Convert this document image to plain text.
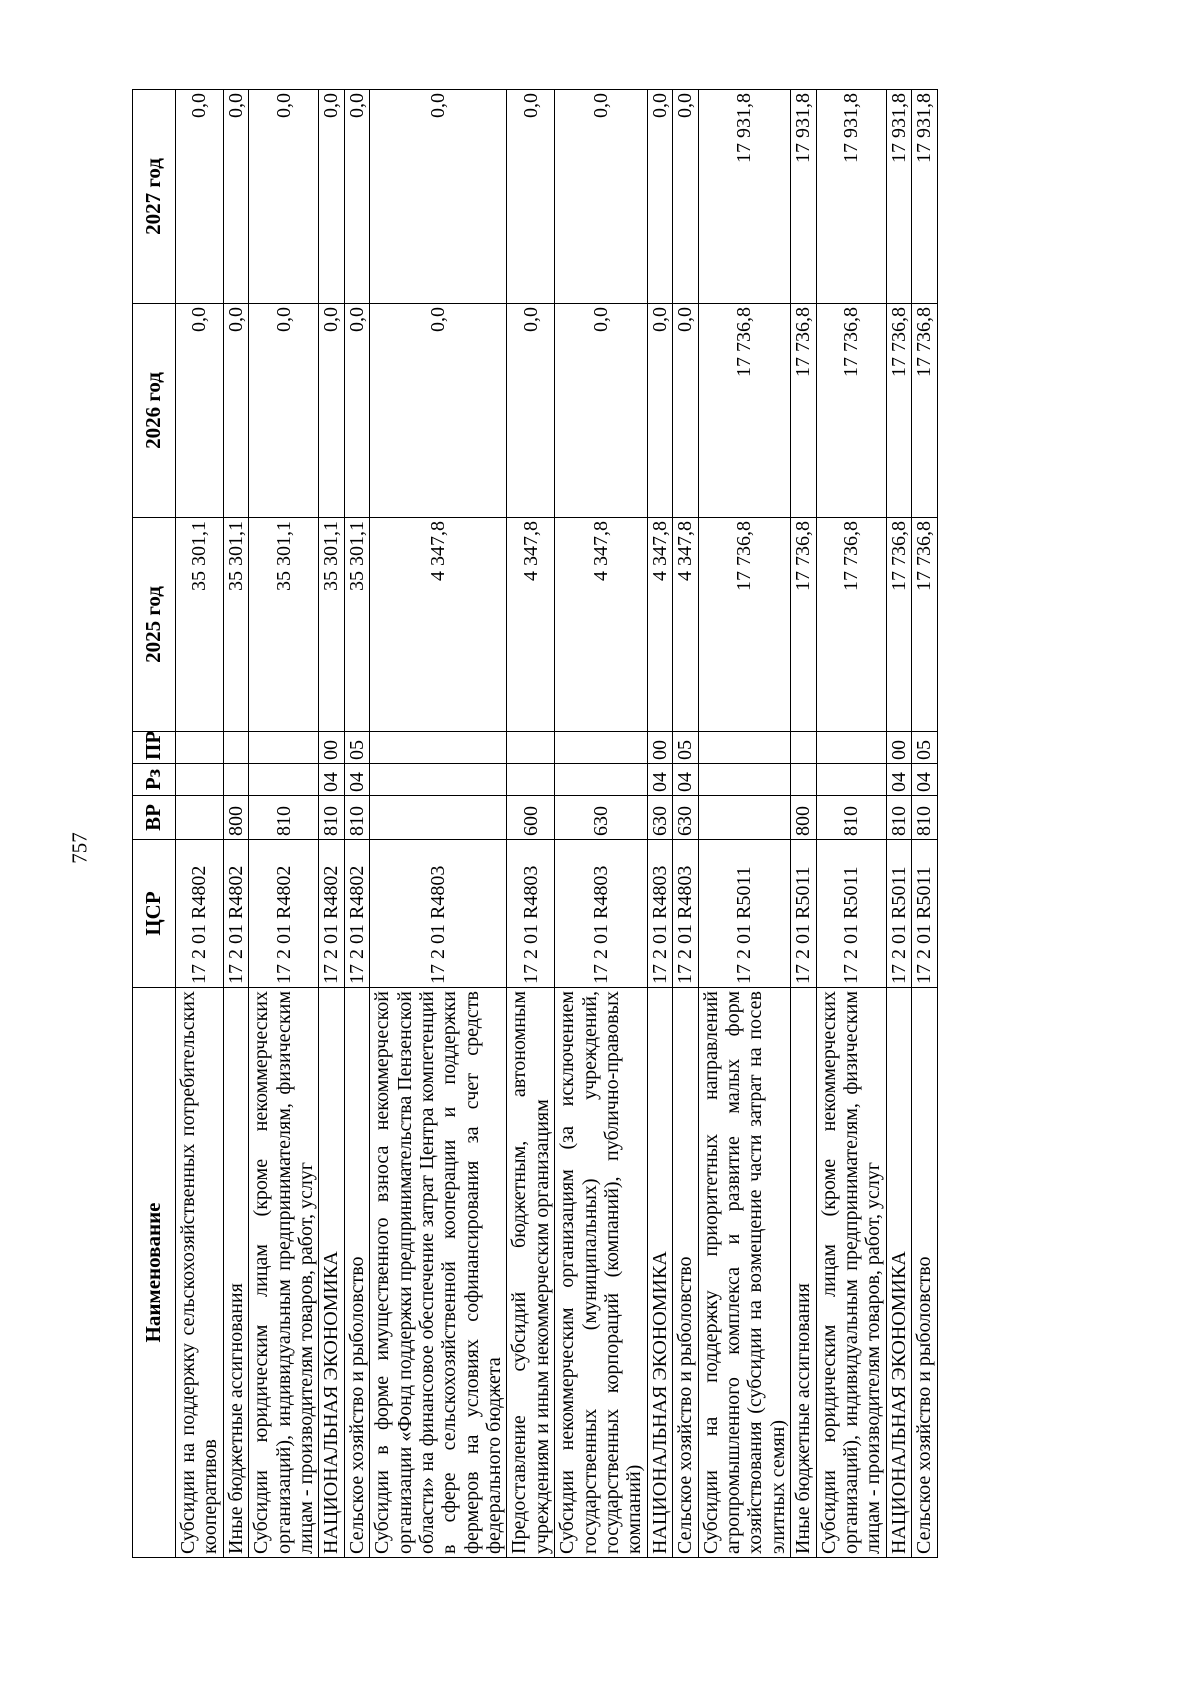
757
Наименование	ЦСР	ВР	Рз	ПР	2025 год	2026 год	2027 год
Субсидии на поддержку сельскохозяйственных потребительских кооперативов	17 2 01 R4802				35 301,1	0,0	0,0
Иные бюджетные ассигнования	17 2 01 R4802	800			35 301,1	0,0	0,0
Субсидии юридическим лицам (кроме некоммерческих организаций), индивидуальным предпринимателям, физическим лицам - производителям товаров, работ, услуг	17 2 01 R4802	810			35 301,1	0,0	0,0
НАЦИОНАЛЬНАЯ ЭКОНОМИКА	17 2 01 R4802	810	04	00	35 301,1	0,0	0,0
Сельское хозяйство и рыболовство	17 2 01 R4802	810	04	05	35 301,1	0,0	0,0
Субсидии в форме имущественного взноса некоммерческой организации «Фонд поддержки предпринимательства Пензенской области» на финансовое обеспечение затрат Центра компетенций в сфере сельскохозяйственной кооперации и поддержки фермеров на условиях софинансирования за счет средств федерального бюджета	17 2 01 R4803				4 347,8	0,0	0,0
Предоставление субсидий бюджетным, автономным учреждениям и иным некоммерческим организациям	17 2 01 R4803	600			4 347,8	0,0	0,0
Субсидии некоммерческим организациям (за исключением государственных (муниципальных) учреждений, государственных корпораций (компаний), публично-правовых компаний)	17 2 01 R4803	630			4 347,8	0,0	0,0
НАЦИОНАЛЬНАЯ ЭКОНОМИКА	17 2 01 R4803	630	04	00	4 347,8	0,0	0,0
Сельское хозяйство и рыболовство	17 2 01 R4803	630	04	05	4 347,8	0,0	0,0
Субсидии на поддержку приоритетных направлений агропромышленного комплекса и развитие малых форм хозяйствования (субсидии на возмещение части затрат на посев элитных семян)	17 2 01 R5011				17 736,8	17 736,8	17 931,8
Иные бюджетные ассигнования	17 2 01 R5011	800			17 736,8	17 736,8	17 931,8
Субсидии юридическим лицам (кроме некоммерческих организаций), индивидуальным предпринимателям, физическим лицам - производителям товаров, работ, услуг	17 2 01 R5011	810			17 736,8	17 736,8	17 931,8
НАЦИОНАЛЬНАЯ ЭКОНОМИКА	17 2 01 R5011	810	04	00	17 736,8	17 736,8	17 931,8
Сельское хозяйство и рыболовство	17 2 01 R5011	810	04	05	17 736,8	17 736,8	17 931,8
